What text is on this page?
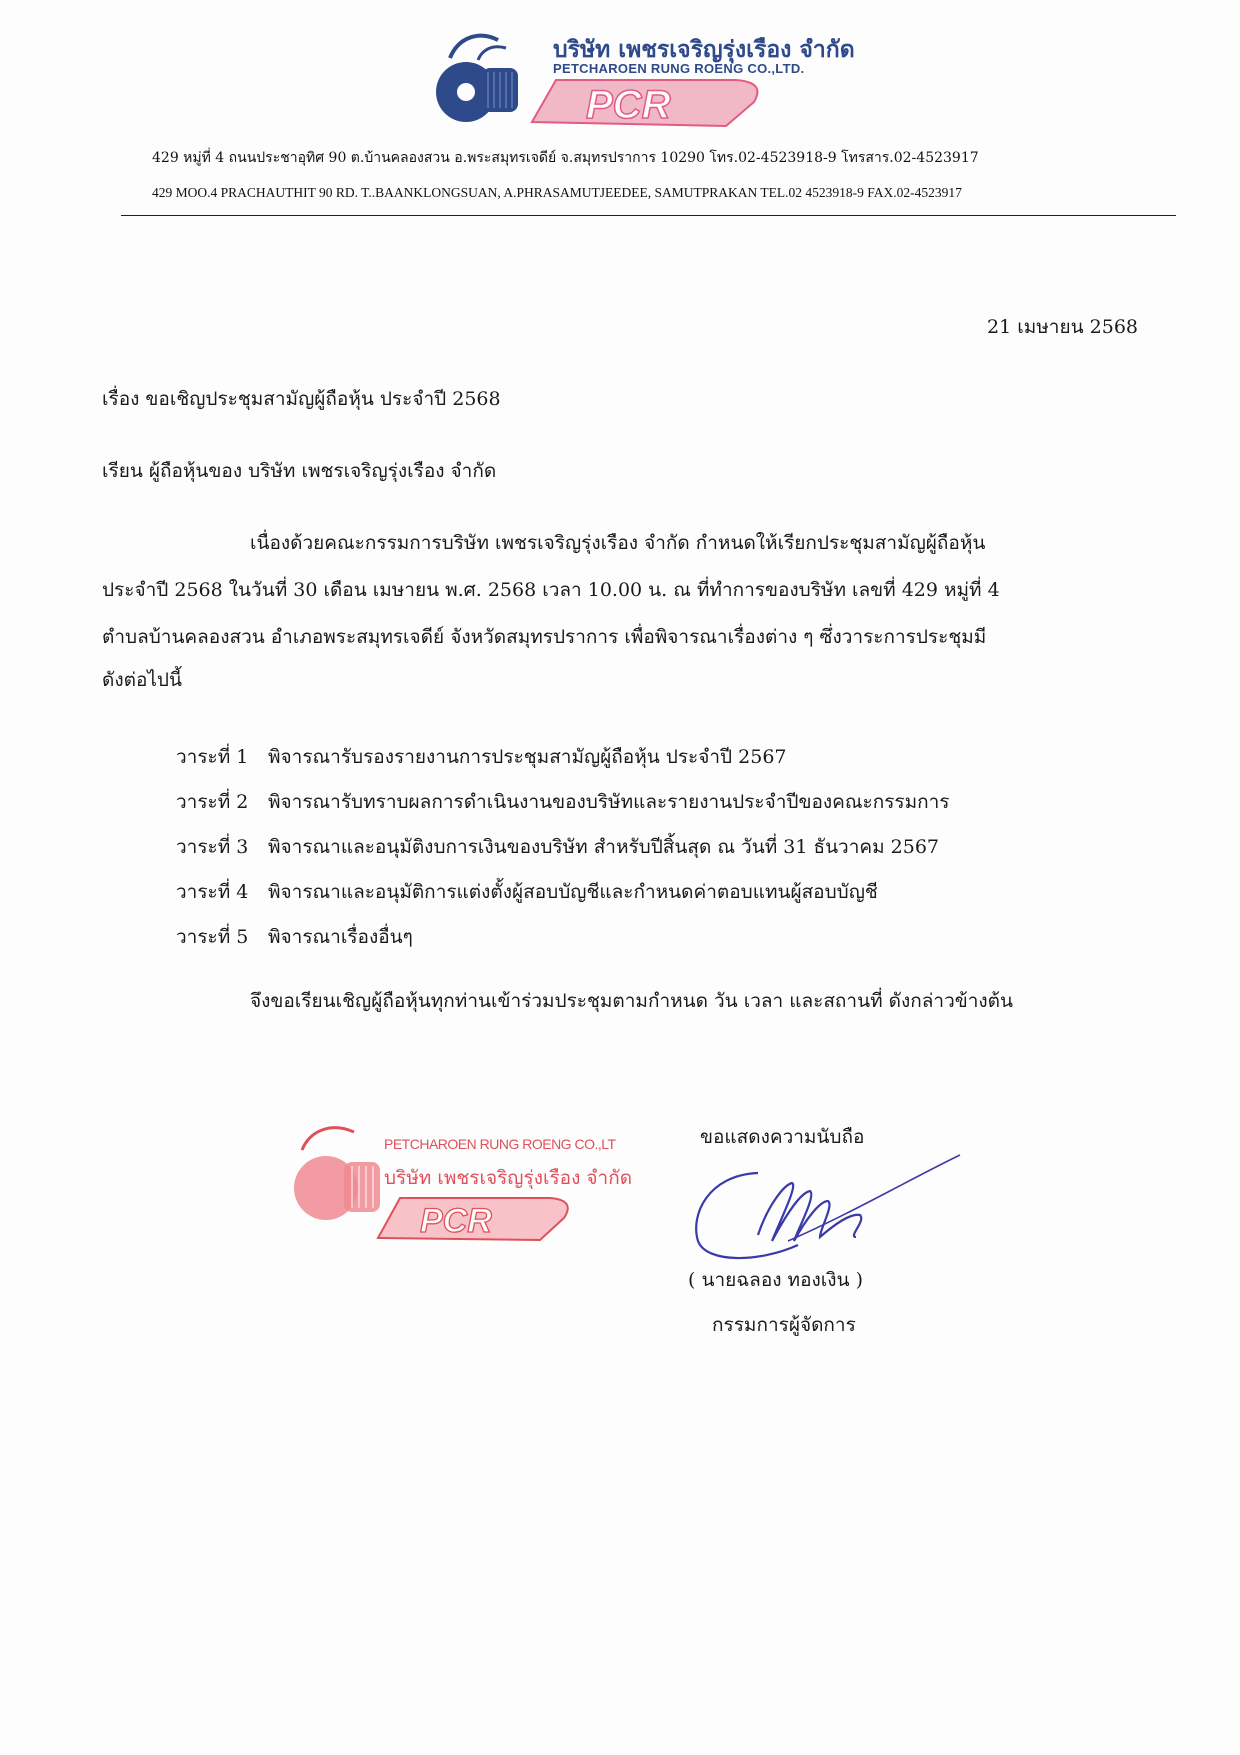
PCR
บริษัท เพชรเจริญรุ่งเรือง จำกัด
PETCHAROEN RUNG ROENG CO.,LTD.
429 หมู่ที่ 4 ถนนประชาอุทิศ 90 ต.บ้านคลองสวน อ.พระสมุทรเจดีย์ จ.สมุทรปราการ 10290 โทร.02-4523918-9 โทรสาร.02-4523917
429 MOO.4 PRACHAUTHIT 90 RD. T..BAANKLONGSUAN, A.PHRASAMUTJEEDEE, SAMUTPRAKAN TEL.02 4523918-9 FAX.02-4523917
21 เมษายน 2568
เรื่อง ขอเชิญประชุมสามัญผู้ถือหุ้น ประจำปี 2568
เรียน ผู้ถือหุ้นของ บริษัท เพชรเจริญรุ่งเรือง จำกัด
เนื่องด้วยคณะกรรมการบริษัท เพชรเจริญรุ่งเรือง จำกัด กำหนดให้เรียกประชุมสามัญผู้ถือหุ้น
ประจำปี 2568 ในวันที่ 30 เดือน เมษายน พ.ศ. 2568 เวลา 10.00 น. ณ ที่ทำการของบริษัท เลขที่ 429 หมู่ที่ 4
ตำบลบ้านคลองสวน อำเภอพระสมุทรเจดีย์ จังหวัดสมุทรปราการ เพื่อพิจารณาเรื่องต่าง ๆ ซึ่งวาระการประชุมมี
ดังต่อไปนี้
วาระที่ 1 พิจารณารับรองรายงานการประชุมสามัญผู้ถือหุ้น ประจำปี 2567
วาระที่ 2 พิจารณารับทราบผลการดำเนินงานของบริษัทและรายงานประจำปีของคณะกรรมการ
วาระที่ 3 พิจารณาและอนุมัติงบการเงินของบริษัท สำหรับปีสิ้นสุด ณ วันที่ 31 ธันวาคม 2567
วาระที่ 4 พิจารณาและอนุมัติการแต่งตั้งผู้สอบบัญชีและกำหนดค่าตอบแทนผู้สอบบัญชี
วาระที่ 5 พิจารณาเรื่องอื่นๆ
จึงขอเรียนเชิญผู้ถือหุ้นทุกท่านเข้าร่วมประชุมตามกำหนด วัน เวลา และสถานที่ ดังกล่าวข้างต้น
PCR
PETCHAROEN RUNG ROENG CO.,LT
บริษัท เพชรเจริญรุ่งเรือง จำกัด
ขอแสดงความนับถือ
( นายฉลอง ทองเงิน )
กรรมการผู้จัดการ
